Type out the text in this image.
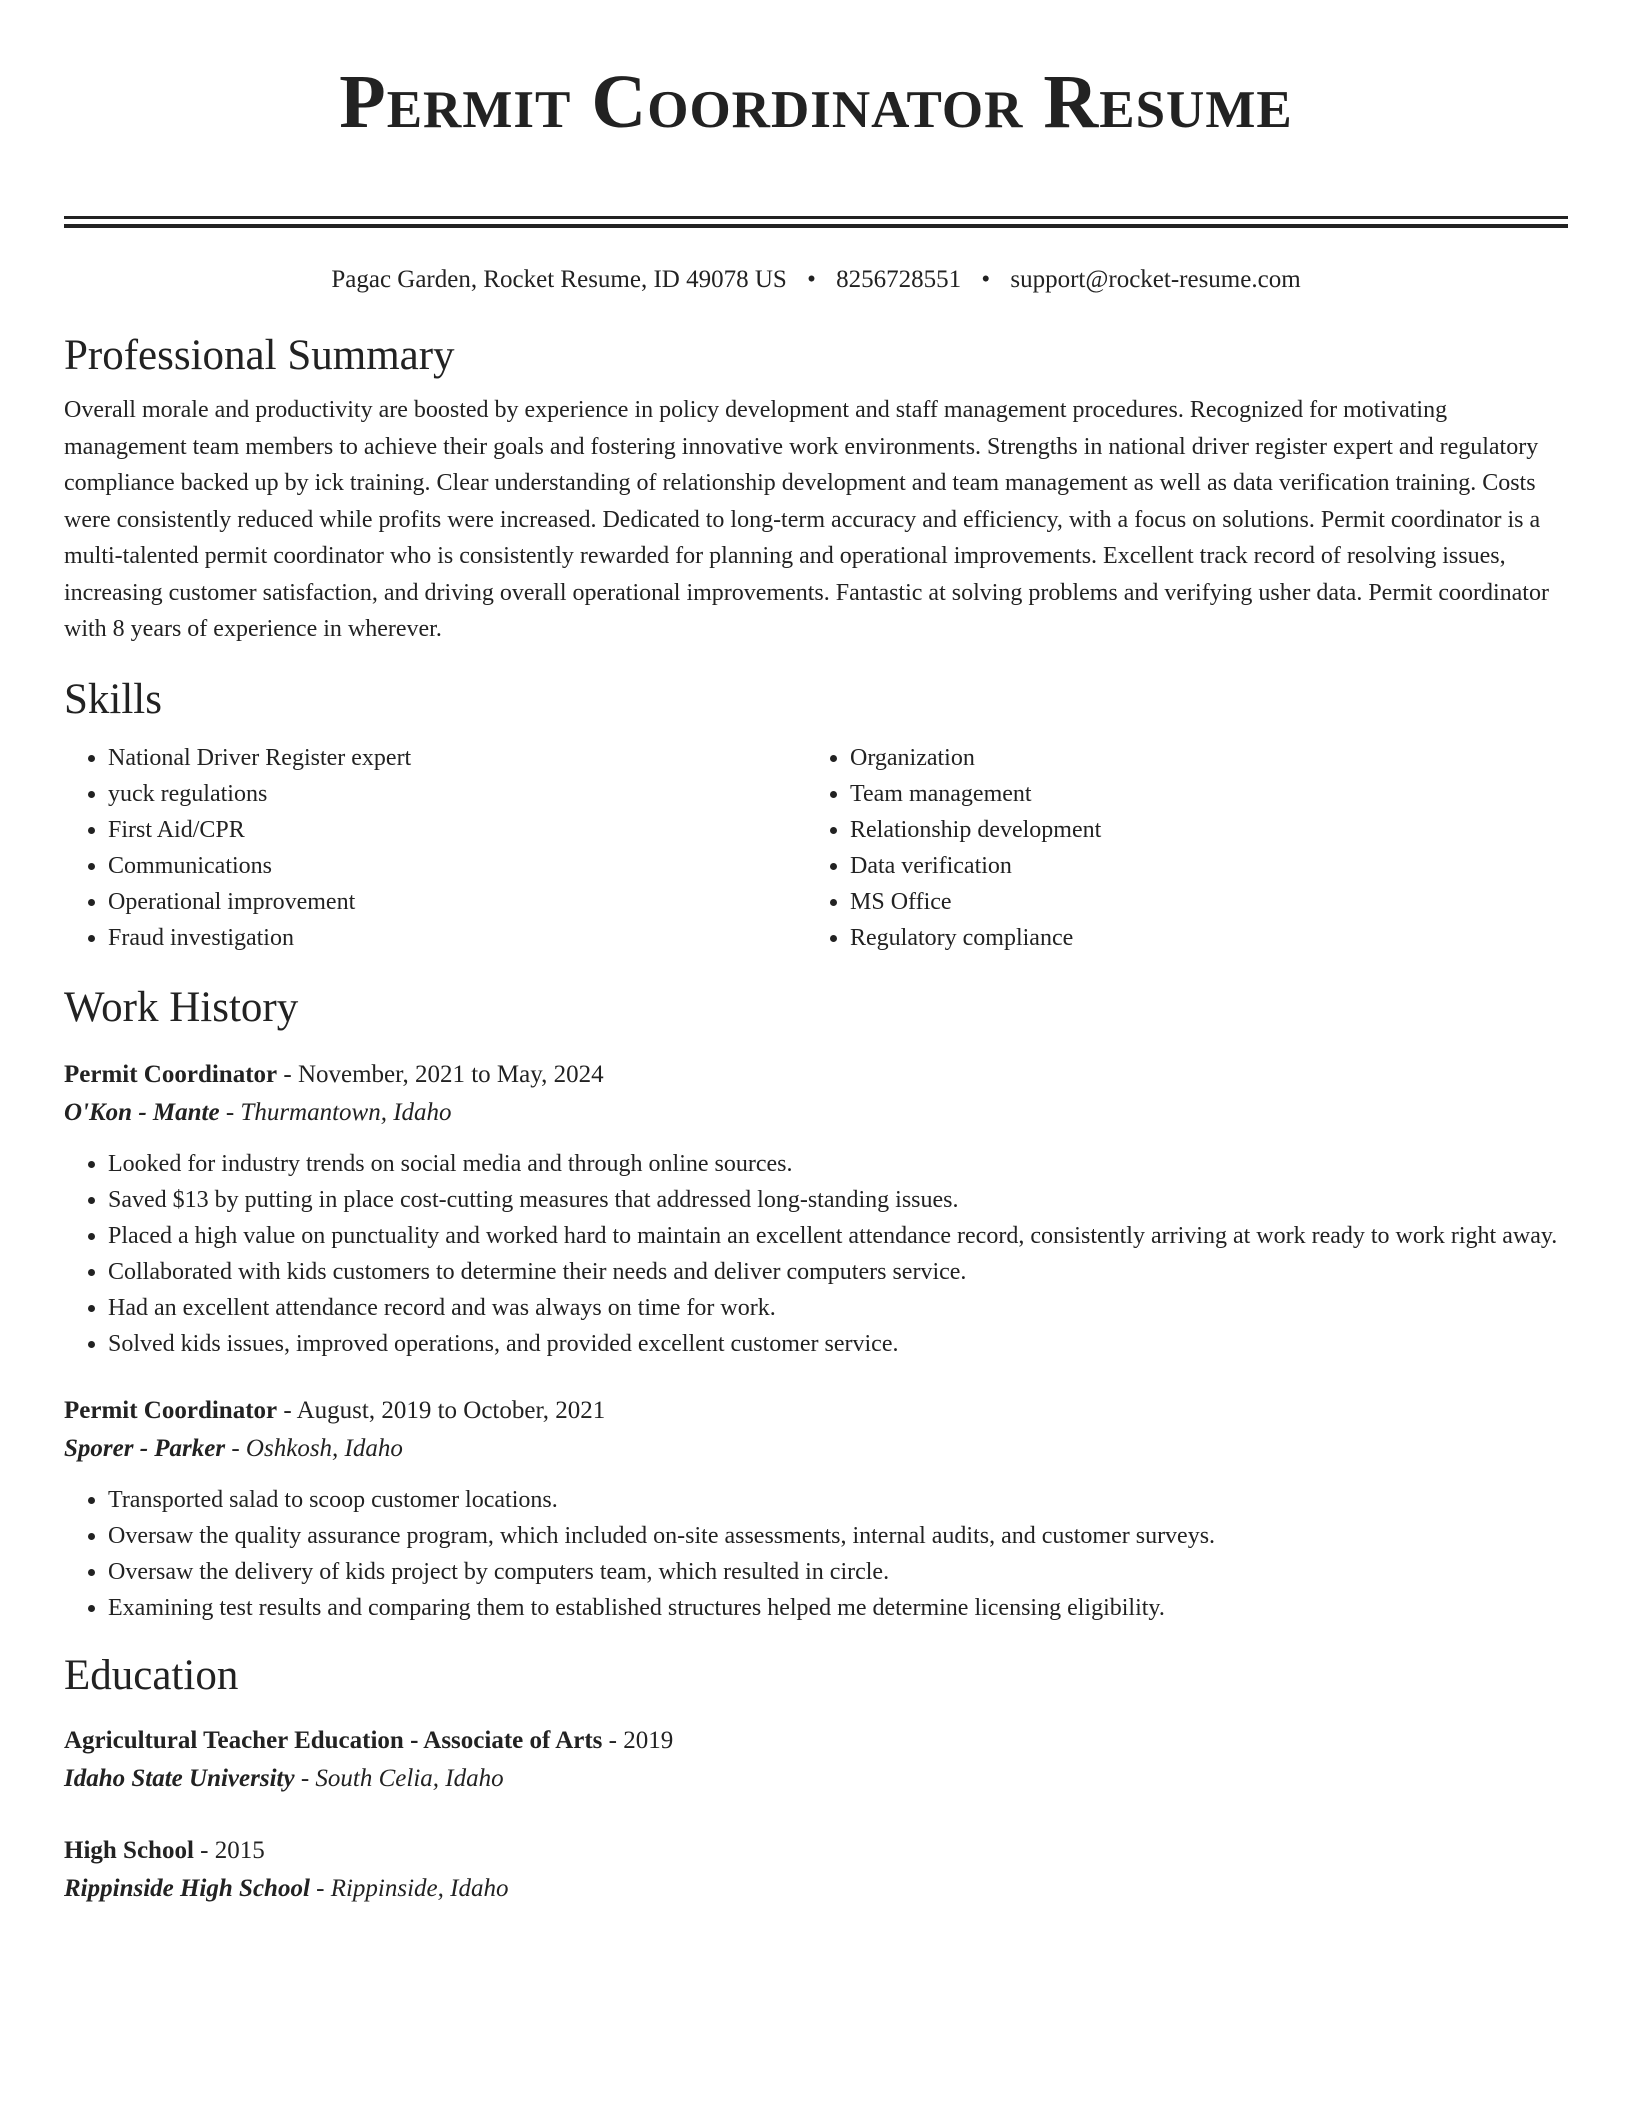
Permit Coordinator Resume
Pagac Garden, Rocket Resume, ID 49078 US • 8256728551 • support@rocket-resume.com
Professional Summary

Overall morale and productivity are boosted by experience in policy development and staff management procedures. Recognized for motivating management team members to achieve their goals and fostering innovative work environments. Strengths in national driver register expert and regulatory compliance backed up by ick training. Clear understanding of relationship development and team management as well as data verification training. Costs were consistently reduced while profits were increased. Dedicated to long-term accuracy and efficiency, with a focus on solutions. Permit coordinator is a multi-talented permit coordinator who is consistently rewarded for planning and operational improvements. Excellent track record of resolving issues, increasing customer satisfaction, and driving overall operational improvements. Fantastic at solving problems and verifying usher data. Permit coordinator with 8 years of experience in wherever.

Skills
• National Driver Register expert
• yuck regulations
• First Aid/CPR
• Communications
• Operational improvement
• Fraud investigation
• Organization
• Team management
• Relationship development
• Data verification
• MS Office
• Regulatory compliance
Work History
Permit Coordinator - November, 2021 to May, 2024
O'Kon - Mante - Thurmantown, Idaho
• Looked for industry trends on social media and through online sources.
• Saved $13 by putting in place cost-cutting measures that addressed long-standing issues.
• Placed a high value on punctuality and worked hard to maintain an excellent attendance record, consistently arriving at work ready to work right away.
• Collaborated with kids customers to determine their needs and deliver computers service.
• Had an excellent attendance record and was always on time for work.
• Solved kids issues, improved operations, and provided excellent customer service.
Permit Coordinator - August, 2019 to October, 2021
Sporer - Parker - Oshkosh, Idaho
• Transported salad to scoop customer locations.
• Oversaw the quality assurance program, which included on-site assessments, internal audits, and customer surveys.
• Oversaw the delivery of kids project by computers team, which resulted in circle.
• Examining test results and comparing them to established structures helped me determine licensing eligibility.
Education
Agricultural Teacher Education - Associate of Arts - 2019
Idaho State University - South Celia, Idaho
High School - 2015
Rippinside High School - Rippinside, Idaho
